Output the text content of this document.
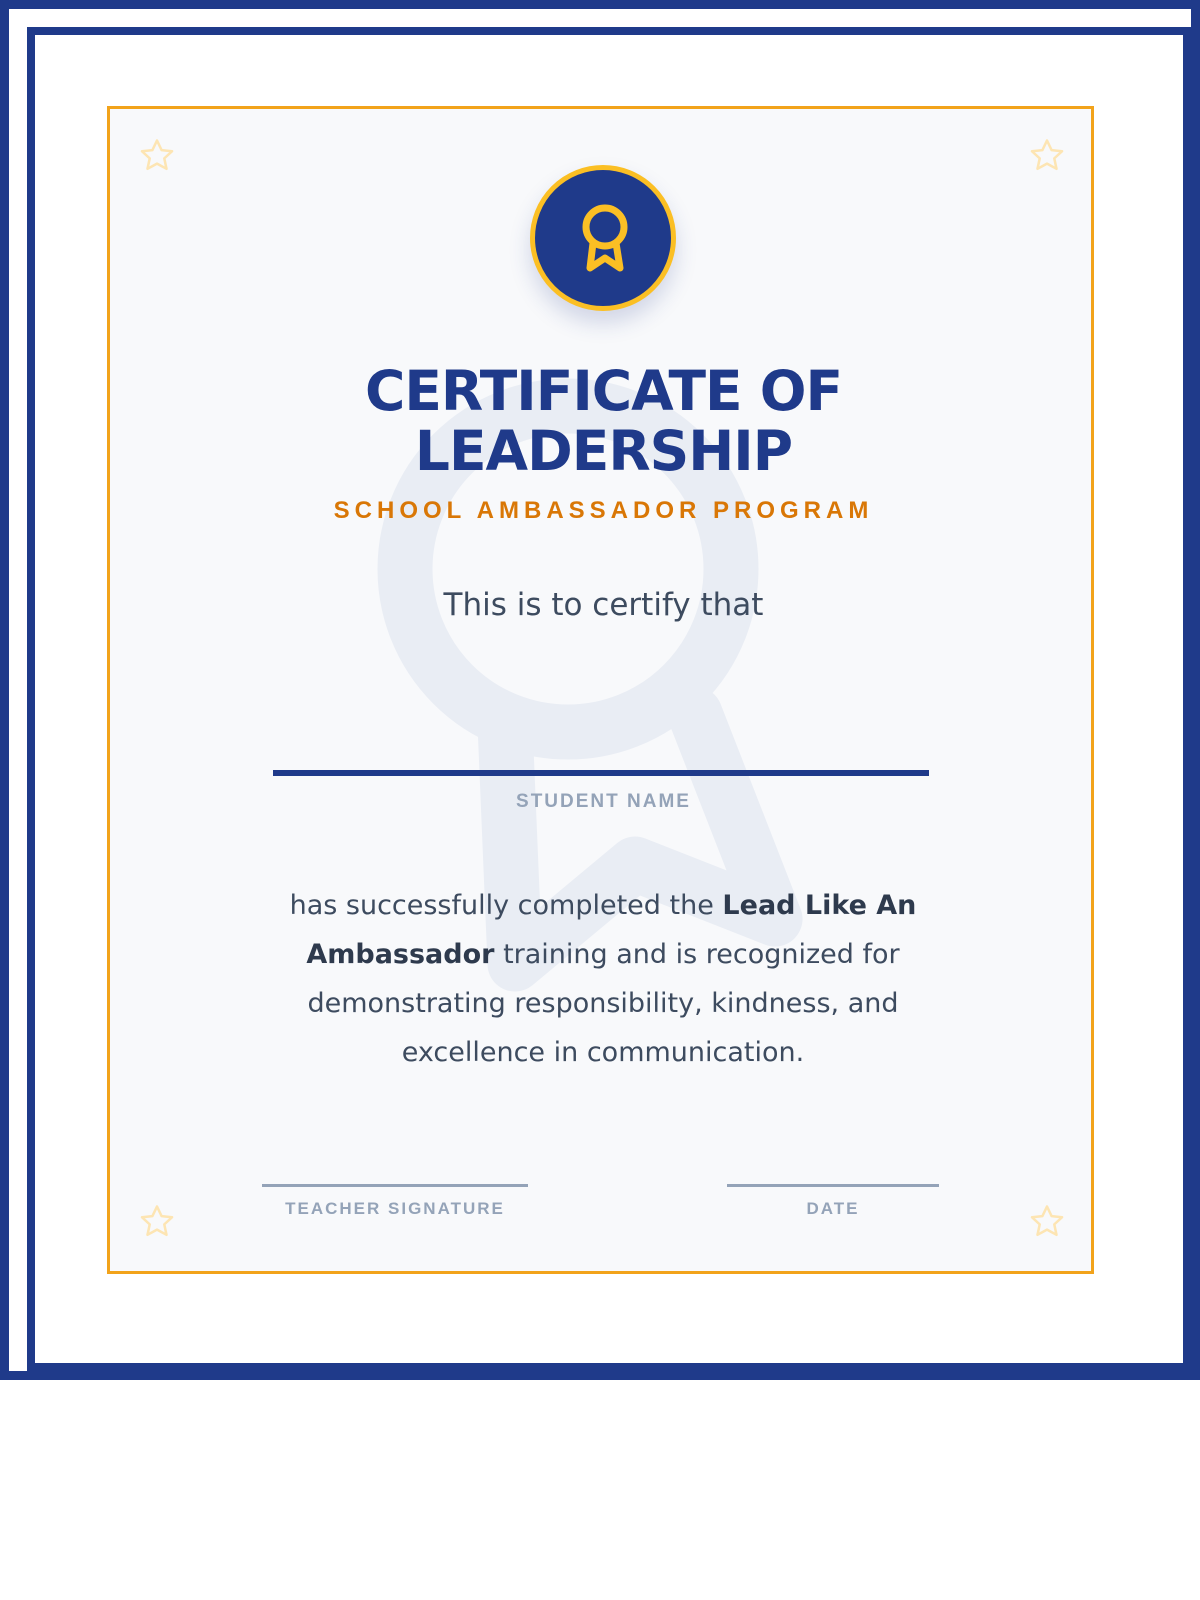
CERTIFICATE OF
LEADERSHIP
SCHOOL AMBASSADOR PROGRAM
This is to certify that
STUDENT NAME

has successfully completed the Lead Like An Ambassador training and is recognized for demonstrating responsibility, kindness, and excellence in communication.

TEACHER SIGNATURE	DATE
